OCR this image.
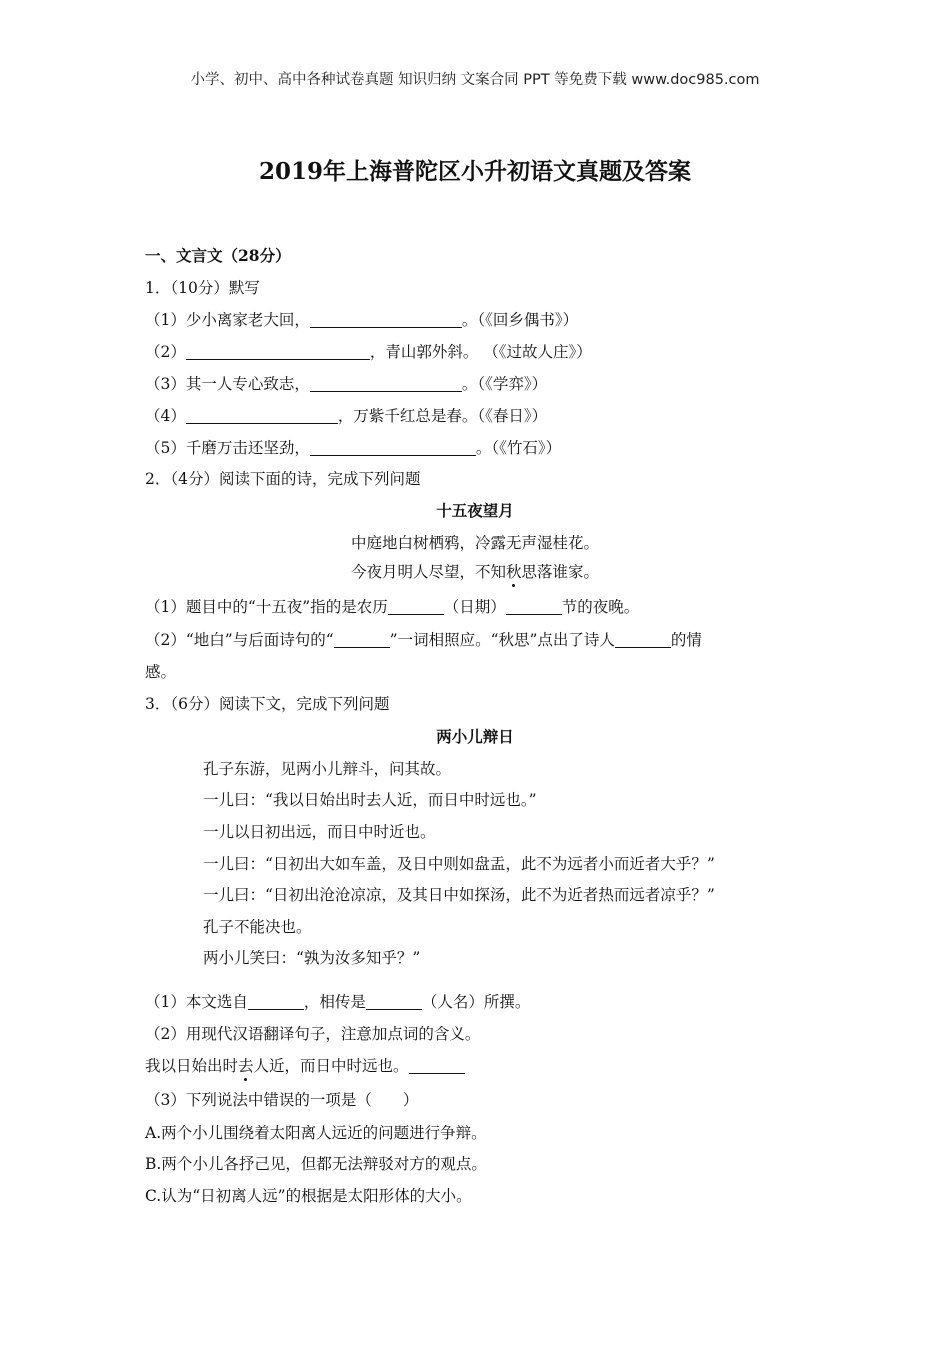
小学、初中、高中各种试卷真题 知识归纳 文案合同 PPT 等免费下载 www.doc985.com
2019年上海普陀区小升初语文真题及答案
一、文言文（28分）
1．（10分）默写
（1）少小离家老大回，	。（《回乡偶书》）
（2）	，青山郭外斜。 （《过故人庄》）
（3）其一人专心致志，	。（《学弈》）
（4）	，万紫千红总是春。（《春日》）
（5）千磨万击还坚劲，	。（《竹石》）
2．（4分）阅读下面的诗，完成下列问题
十五夜望月
中庭地白树栖鸦，冷露无声湿桂花。
今夜月明人尽望，不知秋思落谁家。
（1）题目中的“十五夜”指的是农历	（日期）	节的夜晚。
（2）“地白”与后面诗句的“	”一词相照应。“秋思”点出了诗人	的情
感。
3．（6分）阅读下文，完成下列问题
两小儿辩日
孔子东游，见两小儿辩斗，问其故。
一儿曰：“我以日始出时去人近，而日中时远也。”
一儿以日初出远，而日中时近也。
一儿曰：“日初出大如车盖，及日中则如盘盂，此不为远者小而近者大乎？”
一儿曰：“日初出沧沧凉凉，及其日中如探汤，此不为近者热而远者凉乎？”
孔子不能决也。
两小儿笑曰：“孰为汝多知乎？”
（1）本文选自	，相传是	（人名）所撰。
（2）用现代汉语翻译句子，注意加点词的含义。
我以日始出时去人近，而日中时远也。
（3）下列说法中错误的一项是（　　）
A.两个小儿围绕着太阳离人远近的问题进行争辩。
B.两个小儿各抒己见，但都无法辩驳对方的观点。
C.认为“日初离人远”的根据是太阳形体的大小。
